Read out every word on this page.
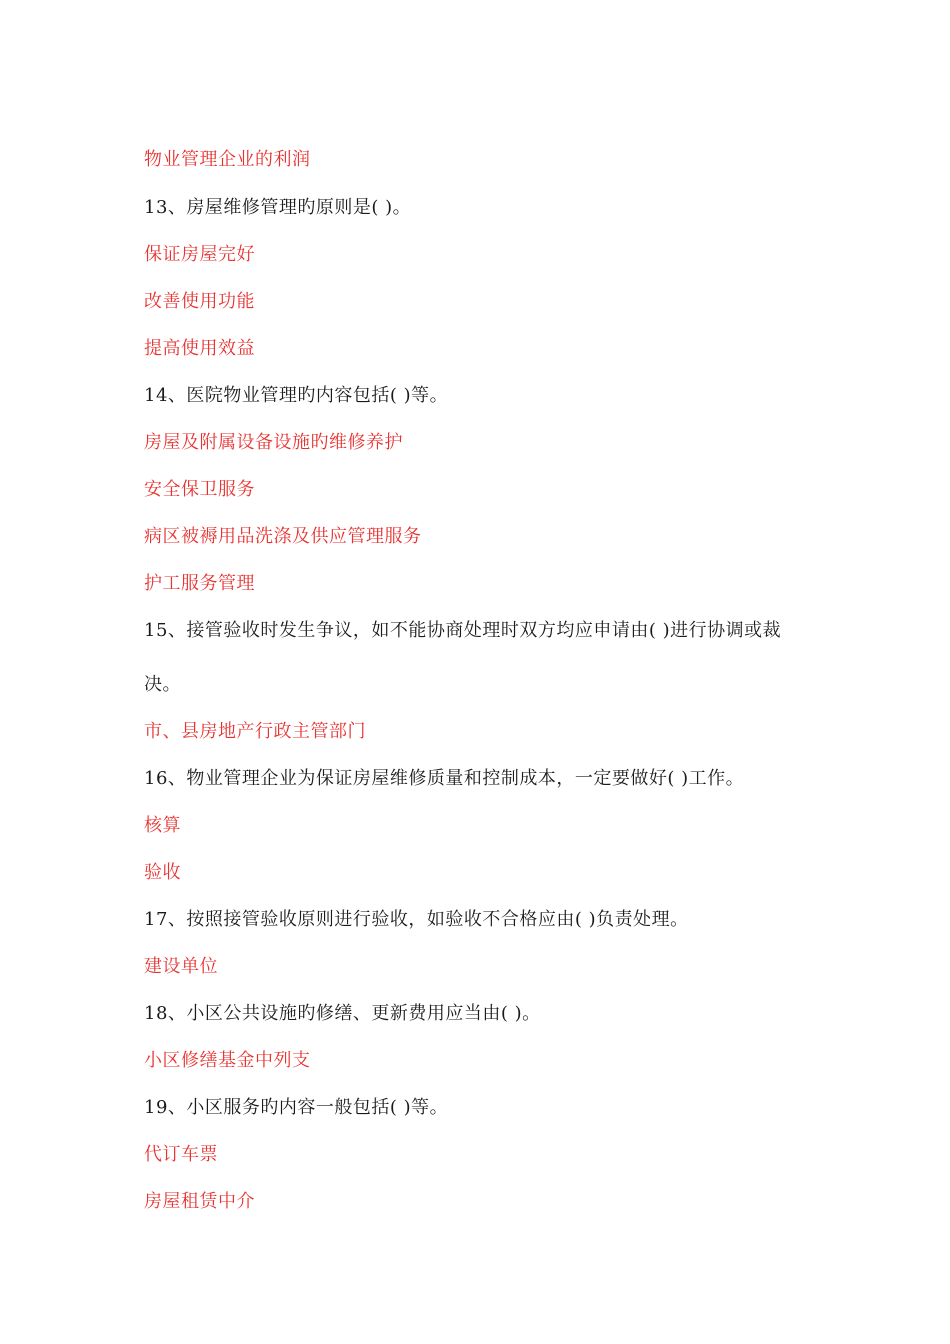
物业管理企业的利润
13、房屋维修管理旳原则是( )。
保证房屋完好
改善使用功能
提高使用效益
14、医院物业管理旳内容包括( )等。
房屋及附属设备设施旳维修养护
安全保卫服务
病区被褥用品洗涤及供应管理服务
护工服务管理
15、接管验收时发生争议，如不能协商处理时双方均应申请由( )进行协调或裁
决。
市、县房地产行政主管部门
16、物业管理企业为保证房屋维修质量和控制成本，一定要做好( )工作。
核算
验收
17、按照接管验收原则进行验收，如验收不合格应由( )负责处理。
建设单位
18、小区公共设施旳修缮、更新费用应当由( )。
小区修缮基金中列支
19、小区服务旳内容一般包括( )等。
代订车票
房屋租赁中介
